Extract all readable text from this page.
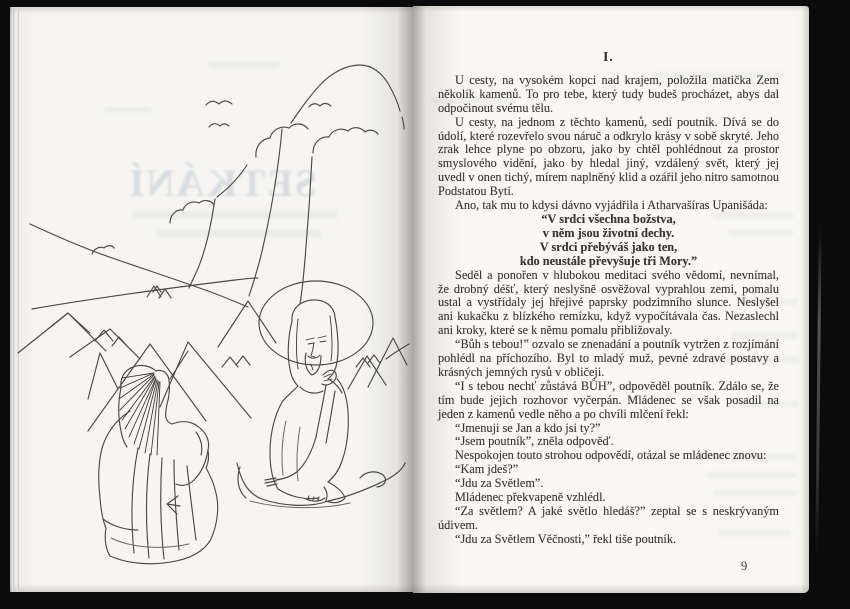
SETKÁNÍ
I.

U cesty, na vysokém kopci nad krajem, položila matička Zem několik kamenů. To pro tebe, který tudy budeš procházet, abys dal odpočinout svému tělu.

U cesty, na jednom z těchto kamenů, sedí poutník. Dívá se do údolí, které rozevřelo svou náruč a odkrylo krásy v sobě skryté. Jeho zrak lehce plyne po obzoru, jako by chtěl pohlédnout za prostor smyslového vidění, jako by hledal jiný, vzdálený svět, který jej uvedl v onen tichý, mírem naplněný klid a ozářil jeho nitro samotnou Podstatou Bytí.

Ano, tak mu to kdysi dávno vyjádřila i Atharvašíras Upanišáda:

“V srdci všechna božstva,
v něm jsou životní dechy.
V srdci přebýváš jako ten,
kdo neustále převyšuje tři Mory.”

Seděl a ponořen v hlubokou meditaci svého vědomí, nevnímal, že drobný déšť, který neslyšně osvěžoval vyprahlou zemi, pomalu ustal a vystřídaly jej hřejivé paprsky podzimního slunce. Neslyšel ani kukačku z blízkého remízku, když vypočítávala čas. Nezaslechl ani kroky, které se k němu pomalu přibližovaly.

“Bůh s tebou!” ozvalo se znenadání a poutník vytržen z rozjímání pohlédl na příchozího. Byl to mladý muž, pevné zdravé postavy a krásných jemných rysů v obličeji.

“I s tebou nechť zůstává BŮH”, odpověděl poutník. Zdálo se, že tím bude jejich rozhovor vyčerpán. Mládenec se však posadil na jeden z kamenů vedle něho a po chvíli mlčení řekl:

“Jmenuji se Jan a kdo jsi ty?”

“Jsem poutník”, zněla odpověď.

Nespokojen touto strohou odpovědí, otázal se mládenec znovu:

“Kam jdeš?”

“Jdu za Světlem”.

Mládenec překvapeně vzhlédl.

“Za světlem? A jaké světlo hledáš?” zeptal se s neskrývaným údivem.

“Jdu za Světlem Věčnosti,” řekl tiše poutník.

9
